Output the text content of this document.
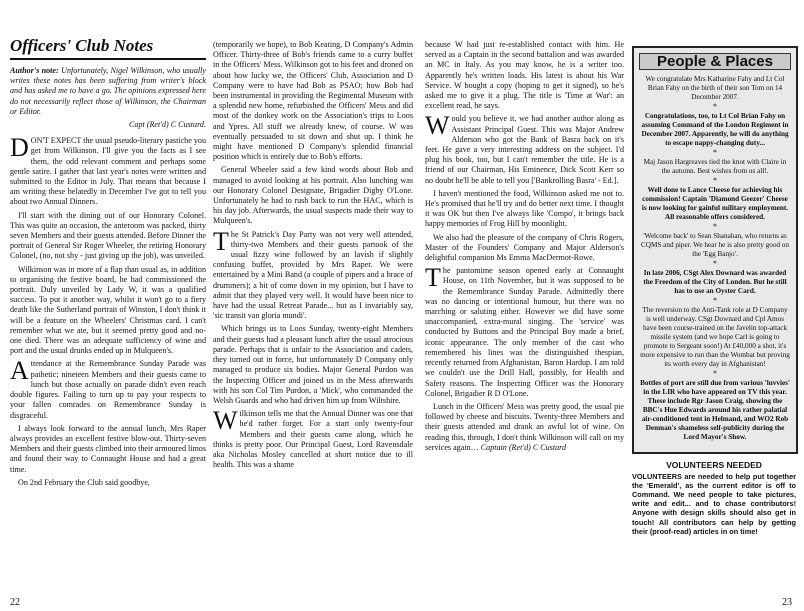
Officers' Club Notes

Author's note: Unfortunately, Nigel Wilkinson, who usually writes these notes has been suffering from writer's block and has asked me to have a go. The opinions expressed here do not necessarily reflect those of Wilkinson, the Chairman or Editor.

Capt (Ret'd) C Custard.

DON'T EXPECT the usual pseudo-literary pastiche you get from Wilkinson. I'll give you the facts as I see them, the odd relevant comment and perhaps some gentle satire. I gather that last year's notes were written and submitted to the Editor in July. That means that because I am writing these belatedly in December I've got to tell you about two Annual Dinners.

I'll start with the dining out of our Honorary Colonel. This was quite an occasion, the anteroom was packed, thirty seven Members and their guests attended. Before Dinner the portrait of General Sir Roger Wheeler, the retiring Honorary Colonel, (no, not shy - just giving up the job), was unveiled.

Wilkinson was in more of a flap than usual as, in addition to organising the festive board, he had commissioned the portrait. Duly unveiled by Lady W, it was a qualified success. To put it another way, whilst it won't go to a fiery death like the Sutherland portrait of Winston, I don't think it will be a feature on the Wheelers' Christmas card. I can't remember what we ate, but it seemed pretty good and no-one died. There was an adequate sufficiency of wine and port and the usual drunks ended up in Mulqueen's.

Attendance at the Remembrance Sunday Parade was pathetic; nineteen Members and their guests came to lunch but those actually on parade didn't even reach double figures. Failing to turn up to pay your respects to your fallen comrades on Remembrance Sunday is disgraceful.

I always look forward to the annual lunch, Mrs Raper always provides an excellent festive blow-out. Thirty-seven Members and their guests climbed into their armoured limos and found their way to Connaught House and had a great time.

On 2nd February the Club said goodbye,

(temporarily we hope), to Bob Keating, D Company's Admin Officer. Thirty-three of Bob's friends came to a curry buffet in the Officers' Mess. Wilkinson got to his feet and droned on about how lucky we, the Officers' Club, Association and D Company were to have had Bob as PSAO; how Bob had been instrumental in providing the Regimental Museum with a splendid new home, refurbished the Officers' Mess and did most of the donkey work on the Association's trips to Loos and Ypres. All stuff we already knew, of course. W was eventually persuaded to sit down and shut up. I think he might have mentioned D Company's splendid financial position which is entirely due to Bob's efforts.

General Wheeler said a few kind words about Bob and managed to avoid looking at his portrait. Also lunching was our Honorary Colonel Designate, Brigadier Digby O'Lone. Unfortunately he had to rush back to run the HAC, which is his day job. Afterwards, the usual suspects made their way to Mulqueen's.

The St Patrick's Day Party was not very well attended, thirty-two Members and their guests partook of the usual fizzy wine followed by an lavish if slightly confusing buffet, provided by Mrs Raper. We were entertained by a Mini Band (a couple of pipers and a brace of drummers); a bit of come down in my opinion, but I have to admit that they played very well. It would have been nice to have had the usual Retreat Parade... but as I invariably say, 'sic transit van gloria mundi'.

Which brings us to Loos Sunday, twenty-eight Members and their guests had a pleasant lunch after the usual atrocious parade. Perhaps that is unfair to the Association and cadets, they turned out in force, but unfortunately D Company only managed to produce six bodies. Major General Purdon was the Inspecting Officer and joined us in the Mess afterwards with his son Col Tim Purdon, a 'Mick', who commanded the Welsh Guards and who had driven him up from Wiltshire.

Wilkinson tells me that the Annual Dinner was one that he'd rather forget. For a start only twenty-four Members and their guests came along, which he thinks is pretty poor. Our Principal Guest, Lord Ravensdale aka Nicholas Mosley cancelled at short notice due to ill health. This was a shame

22

because W had just re-established contact with him. He served as a Captain in the second battalion and was awarded an MC in Italy. As you may know, he is a writer too. Apparently he's written loads. His latest is about his War Service. W bought a copy (hoping to get it signed), so he's asked me to give it a plug. The title is 'Time at War': an excellent read, he says.

Would you believe it, we had another author along as Assistant Principal Guest. This was Major Andrew Alderson who got the Bank of Basra back on it's feet. He gave a very interesting address on the subject. I'd plug his book, too, but I can't remember the title. He is a friend of our Chairman, His Eminence, Dick Scott Kerr so no doubt he'll be able to tell you ['Bankrolling Basra' - Ed.].

I haven't mentioned the food, Wilkinson asked me not to. He's promised that he'll try and do better next time. I thought it was OK but then I've always like 'Compo', it brings back happy memories of Frog Hill by moonlight.

We also had the pleasure of the company of Chris Rogers, Master of the Founders' Company and Major Alderson's delightful companion Ms Emma MacDermot-Rowe.

The pantomime season opened early at Connaught House, on 11th November, but it was supposed to be the Remembrance Sunday Parade. Admittedly there was no dancing or intentional humour, but there was no marching or saluting either. However we did have some unaccompanied, extra-mural singing. The 'service' was conducted by Buttons and the Principal Boy made a brief, iconic appearance. The only member of the cast who remembered his lines was the distinguished thespian, recently returned from Afghanistan, Baron Hardup. I am told we couldn't use the Drill Hall, possibly, for Health and Safety reasons. The Inspecting Officer was the Honorary Colonel, Brigadier R D O'Lone.

Lunch in the Officers' Mess was pretty good, the usual pie followed by cheese and biscuits. Twenty-three Members and their guests attended and drank an awful lot of wine. On reading this, through, I don't think Wilkinson will call on my services again… Captain (Ret'd) C Custard

People & Places
We congratulate Mrs Katharine Fahy and Lt Col Brian Fahy on the birth of their son Tom on 14 December 2007.
*
Congratulations, too, to Lt Col Brian Fahy on assuming Command of the London Regiment in December 2007. Apparently, he will do anything to escape nappy-changing duty...
*
Maj Jason Hargreaves tied the knot with Claire in the autumn. Best wishes from us all!.
*
Well done to Lance Cheese for achieving his commission! Captain 'Diamond Geezer' Cheese is now looking for gainful military employment. All reasonable offers considered.
*
'Welcome back' to Sean Shanahan, who returns as CQMS and piper. We hear he is also pretty good on the 'Egg Banjo'.
*
In late 2006, CSgt Alex Downard was awarded the Freedom of the City of London. But he still has to use an Oyster Card.
*
The reversion to the Anti-Tank role at D Company is well underway. CSgt Downard and Cpl Amos have been course-trained on the Javelin top-attack missile system (and we hope Carl is going to promote to Sergeant soon!) At £40,000 a shot, it's more expensive to run than the Wombat but proving its worth every day in Afghanistan!
*
Bottles of port are still due from various 'luvvies' in the LIR who have appeared on TV this year. These include Rgr Jason Craig, showing the BBC's Hue Edwards around his rather palatial air-conditioned tent in Helmand, and WO2 Rob Denman's shameless self-publicity during the Lord Mayor's Show.
VOLUNTEERS NEEDED
VOLUNTEERS are needed to help put together the 'Emerald', as the current editor is off to Command. We need people to take pictures, write and edit... and to chase contributors! Anyone with design skills should also get in touch! All contributors can help by getting their (proof-read) articles in on time!
23
